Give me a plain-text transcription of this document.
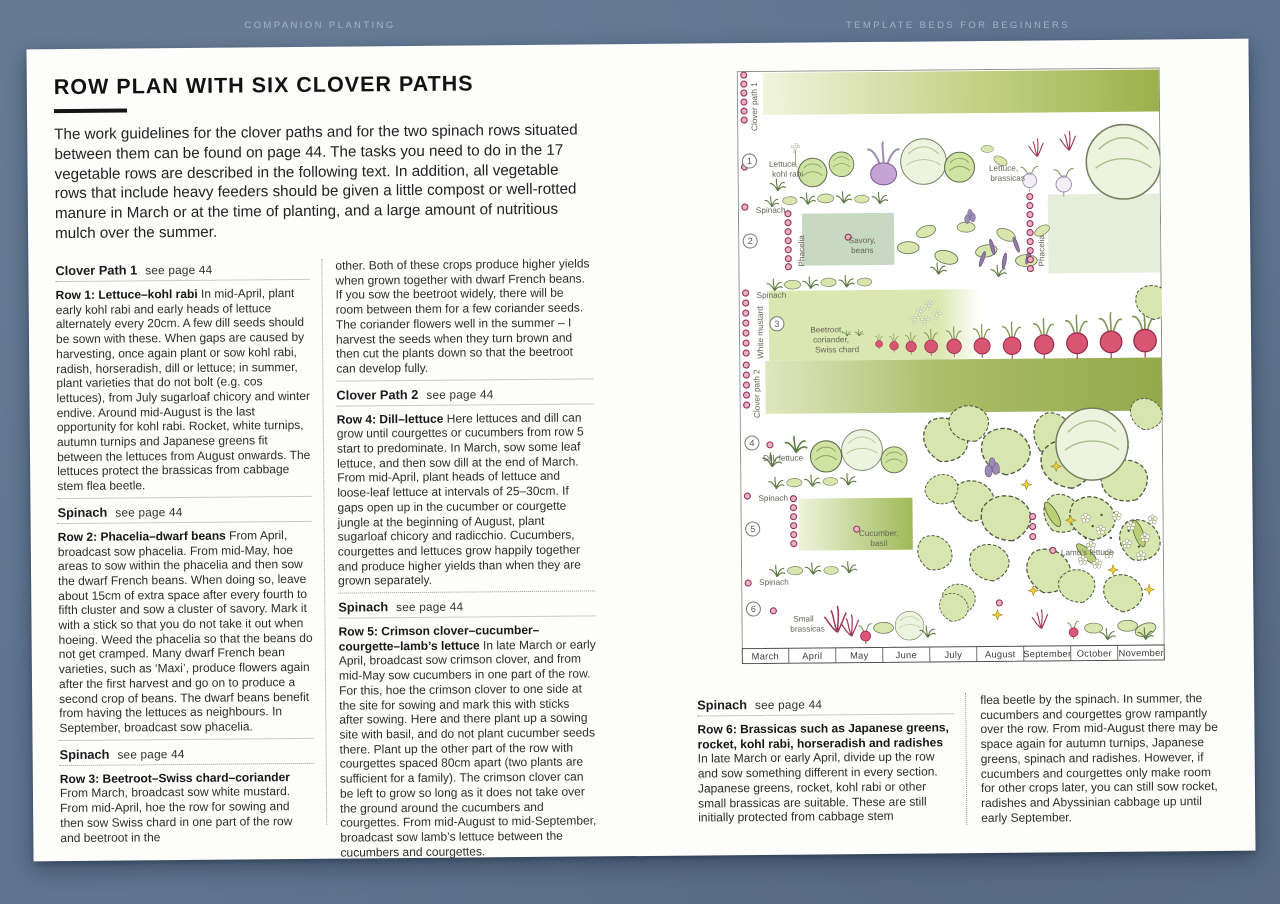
COMPANION PLANTING	TEMPLATE BEDS FOR BEGINNERS
ROW PLAN WITH SIX CLOVER PATHS
The work guidelines for the clover paths and for the two spinach rows situated between them can be found on page 44. The tasks you need to do in the 17 vegetable rows are described in the following text. In addition, all vegetable rows that include heavy feeders should be given a little compost or well-rotted manure in March or at the time of planting, and a large amount of nutritious mulch over the summer.
Clover Path 1 see page 44

Row 1: Lettuce–kohl rabi In mid-April, plant early kohl rabi and early heads of lettuce alternately every 20cm. A few dill seeds should be sown with these. When gaps are caused by harvesting, once again plant or sow kohl rabi, radish, horseradish, dill or lettuce; in summer, plant varieties that do not bolt (e.g. cos lettuces), from July sugarloaf chicory and winter endive. Around mid-August is the last opportunity for kohl rabi. Rocket, white turnips, autumn turnips and Japanese greens fit between the lettuces from August onwards. The lettuces protect the brassicas from cabbage stem flea beetle.

Spinach see page 44

Row 2: Phacelia–dwarf beans From April, broadcast sow phacelia. From mid-May, hoe areas to sow within the phacelia and then sow the dwarf French beans. When doing so, leave about 15cm of extra space after every fourth to fifth cluster and sow a cluster of savory. Mark it with a stick so that you do not take it out when hoeing. Weed the phacelia so that the beans do not get cramped. Many dwarf French bean varieties, such as ‘Maxi’, produce flowers again after the first harvest and go on to produce a second crop of beans. The dwarf beans benefit from having the lettuces as neighbours. In September, broadcast sow phacelia.

Spinach see page 44

Row 3: Beetroot–Swiss chard–coriander From March, broadcast sow white mustard. From mid-April, hoe the row for sowing and then sow Swiss chard in one part of the row and beetroot in the

other. Both of these crops produce higher yields when grown together with dwarf French beans. If you sow the beetroot widely, there will be room between them for a few coriander seeds. The coriander flowers well in the summer – I harvest the seeds when they turn brown and then cut the plants down so that the beetroot can develop fully.

Clover Path 2 see page 44

Row 4: Dill–lettuce Here lettuces and dill can grow until courgettes or cucumbers from row 5 start to predominate. In March, sow some leaf lettuce, and then sow dill at the end of March. From mid-April, plant heads of lettuce and loose-leaf lettuce at intervals of 25–30cm. If gaps open up in the cucumber or courgette jungle at the beginning of August, plant sugarloaf chicory and radicchio. Cucumbers, courgettes and lettuces grow happily together and produce higher yields than when they are grown separately.

Spinach see page 44

Row 5: Crimson clover–cucumber–courgette–lamb’s lettuce In late March or early April, broadcast sow crimson clover, and from mid-May sow cucumbers in one part of the row. For this, hoe the crimson clover to one side at the site for sowing and mark this with sticks after sowing. Here and there plant up a sowing site with basil, and do not plant cucumber seeds there. Plant up the other part of the row with courgettes spaced 80cm apart (two plants are sufficient for a family). The crimson clover can be left to grow so long as it does not take over the ground around the cucumbers and courgettes. From mid-August to mid-September, broadcast sow lamb’s lettuce between the cucumbers and courgettes.

Spinach see page 44

Row 6: Brassicas such as Japanese greens, rocket, kohl rabi, horseradish and radishes In late March or early April, divide up the row and sow something different in every section. Japanese greens, rocket, kohl rabi or other small brassicas are suitable. These are still initially protected from cabbage stem

flea beetle by the spinach. In summer, the cucumbers and courgettes grow rampantly over the row. From mid-August there may be space again for autumn turnips, Japanese greens, spinach and radishes. However, if cucumbers and courgettes only make room for other crops later, you can still sow rocket, radishes and Abyssinian cabbage up until early September.

1
2
3
4
5
6
Clover path 1
Phacelia
White mustard
Clover path 2
Phacelia
Lettuce,
kohl rabi
Lettuce,
brassicas
Spinach
Savory,
beans
Spinach
Beetroot,
coriander,
Swiss chard
Dill, lettuce
Spinach
Cucumber,
basil
Lamb’s lettuce
Spinach
Small
brassicas
March April	May	June	July August September October November
